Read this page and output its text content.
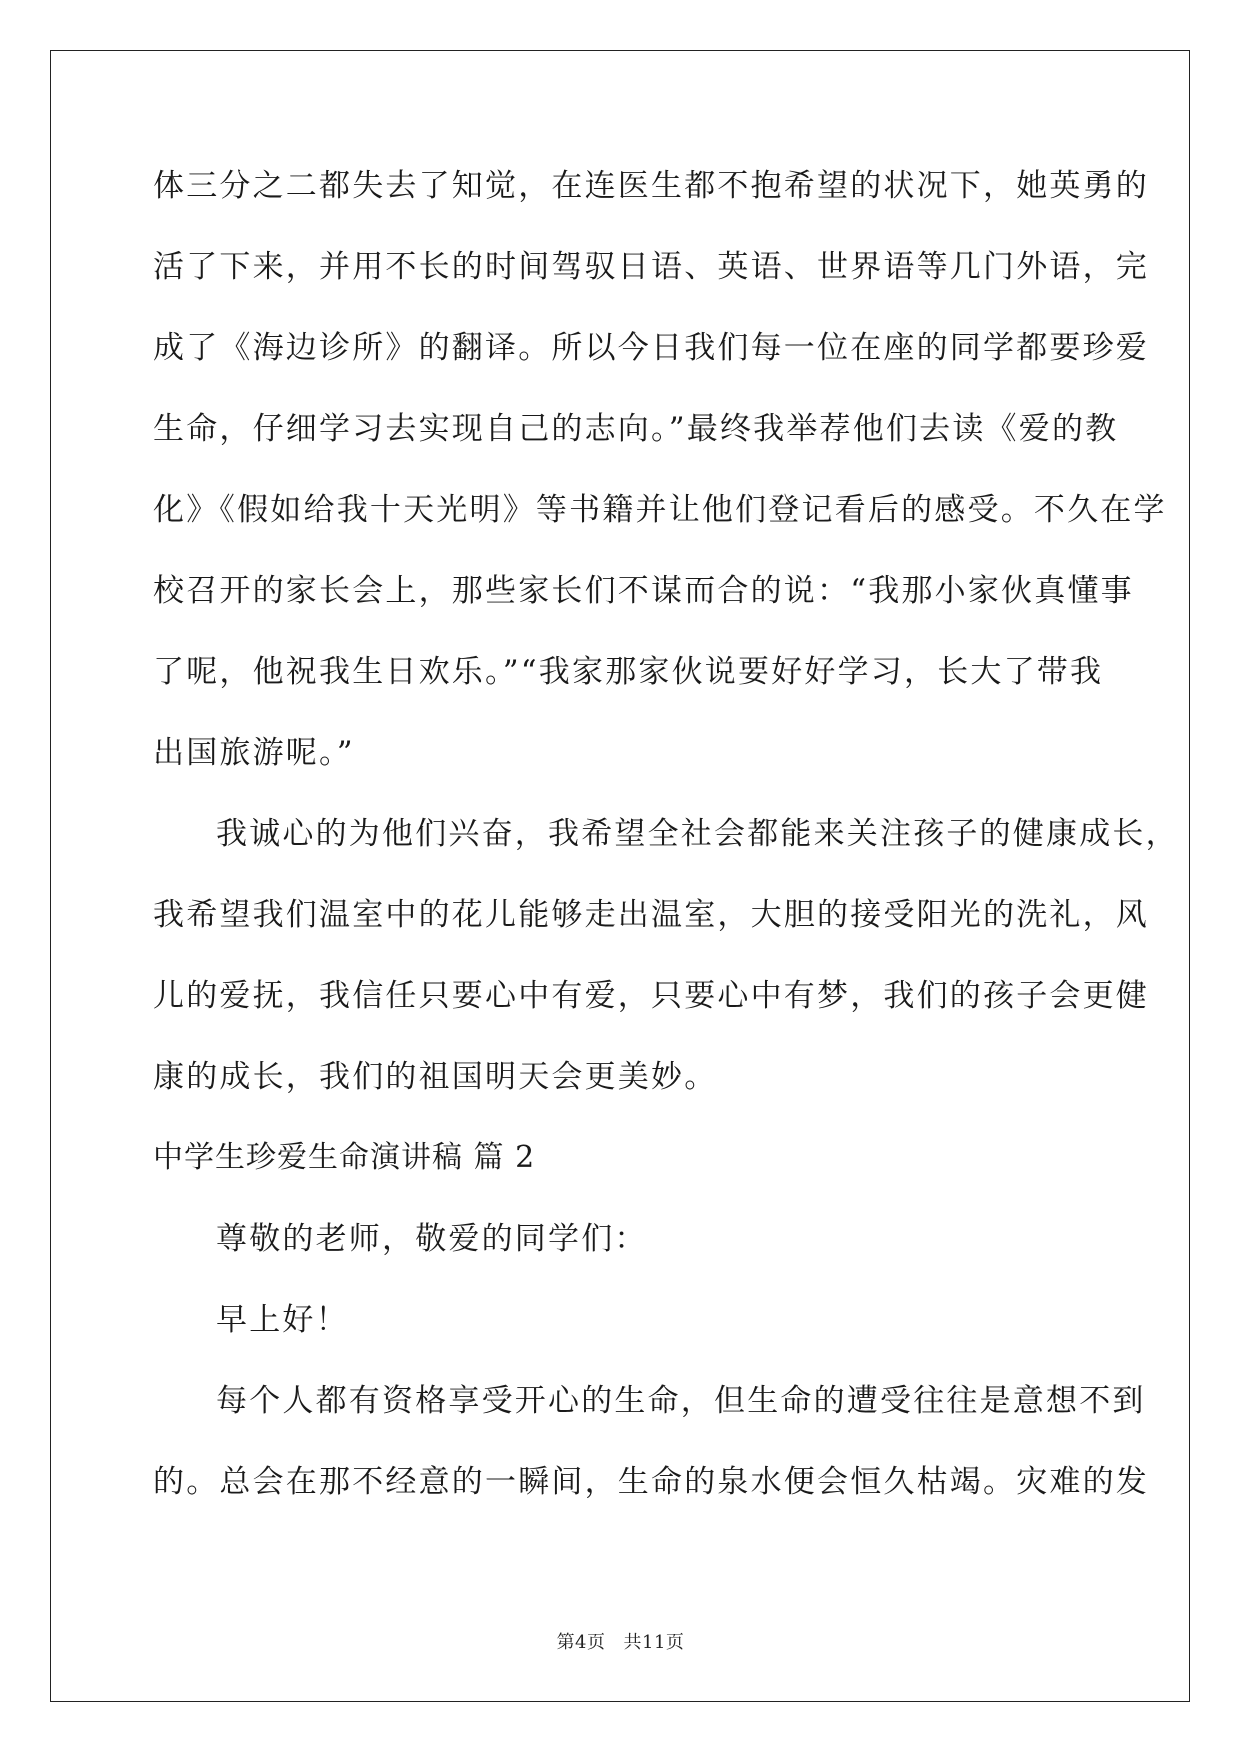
体三分之二都失去了知觉，在连医生都不抱希望的状况下，她英勇的
活了下来，并用不长的时间驾驭日语、英语、世界语等几门外语，完
成了《海边诊所》的翻译。所以今日我们每一位在座的同学都要珍爱
生命，仔细学习去实现自己的志向。”最终我举荐他们去读《爱的教
化》《假如给我十天光明》等书籍并让他们登记看后的感受。不久在学
校召开的家长会上，那些家长们不谋而合的说：“我那小家伙真懂事
了呢，他祝我生日欢乐。”“我家那家伙说要好好学习，长大了带我
出国旅游呢。”
我诚心的为他们兴奋，我希望全社会都能来关注孩子的健康成长，
我希望我们温室中的花儿能够走出温室，大胆的接受阳光的洗礼，风
儿的爱抚，我信任只要心中有爱，只要心中有梦，我们的孩子会更健
康的成长，我们的祖国明天会更美妙。
中学生珍爱生命演讲稿 篇 2
尊敬的老师，敬爱的同学们：
早上好！
每个人都有资格享受开心的生命，但生命的遭受往往是意想不到
的。总会在那不经意的一瞬间，生命的泉水便会恒久枯竭。灾难的发
第4页 共11页
